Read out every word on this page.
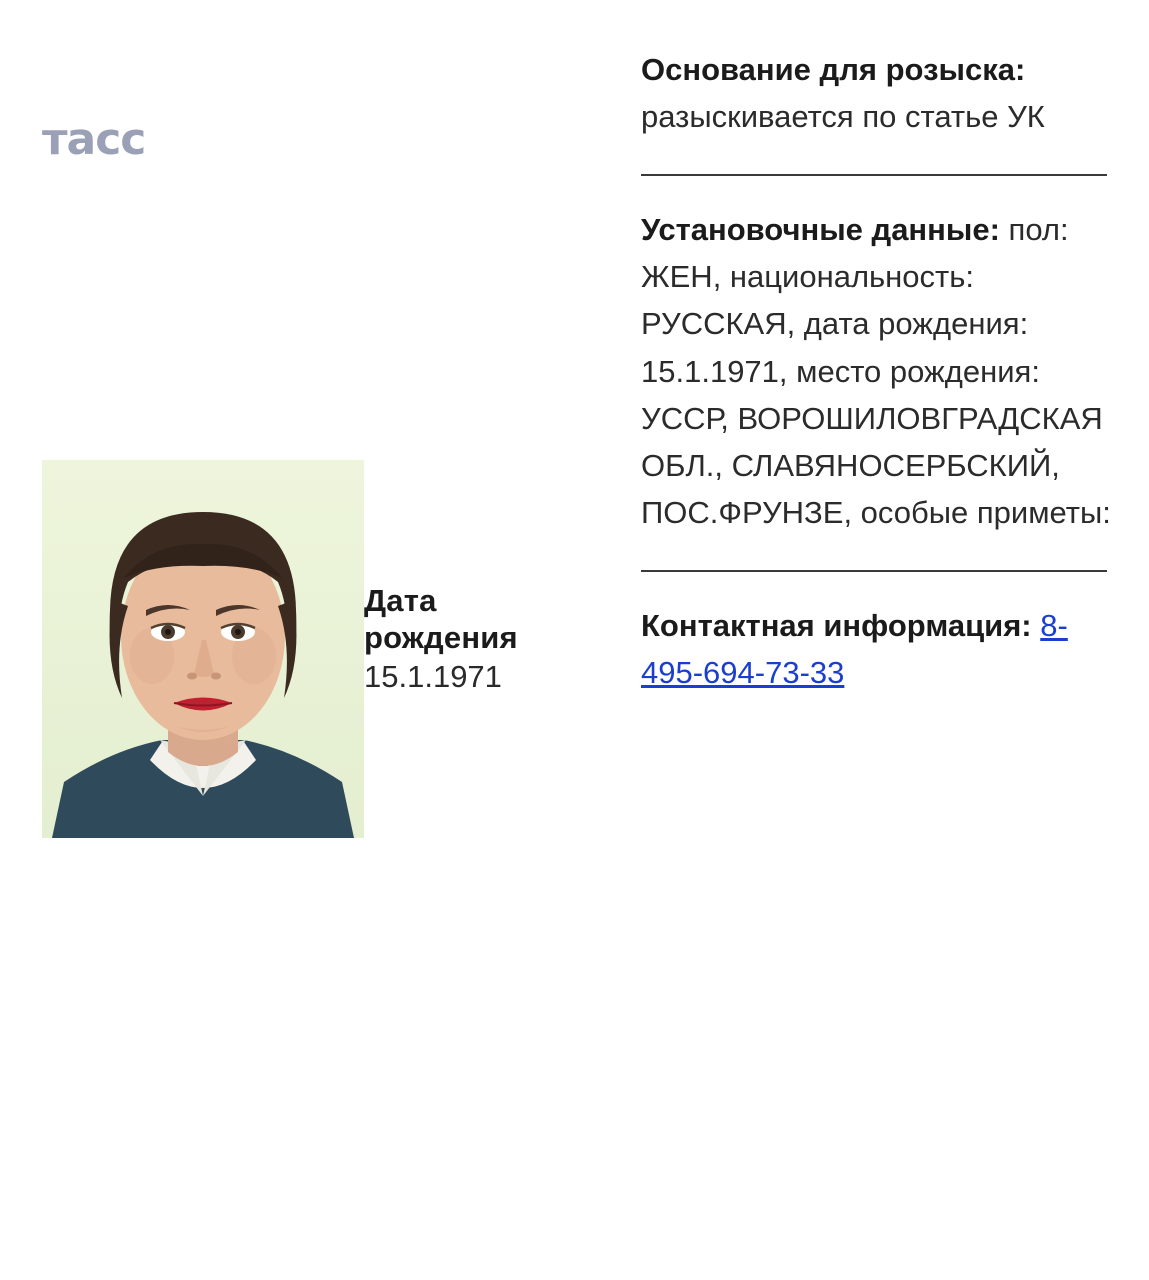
тасс
Дата
рождения
15.1.1971

Основание для розыска: разыскивается по статье УК

Установочные данные: пол: ЖЕН, национальность: РУССКАЯ, дата рождения: 15.1.1971, место рождения: УССР, ВОРОШИЛОВГРАДСКАЯ ОБЛ., СЛАВЯНОСЕРБСКИЙ, ПОС.ФРУНЗЕ, особые приметы:

Контактная информация: 8-495-694-73-33
